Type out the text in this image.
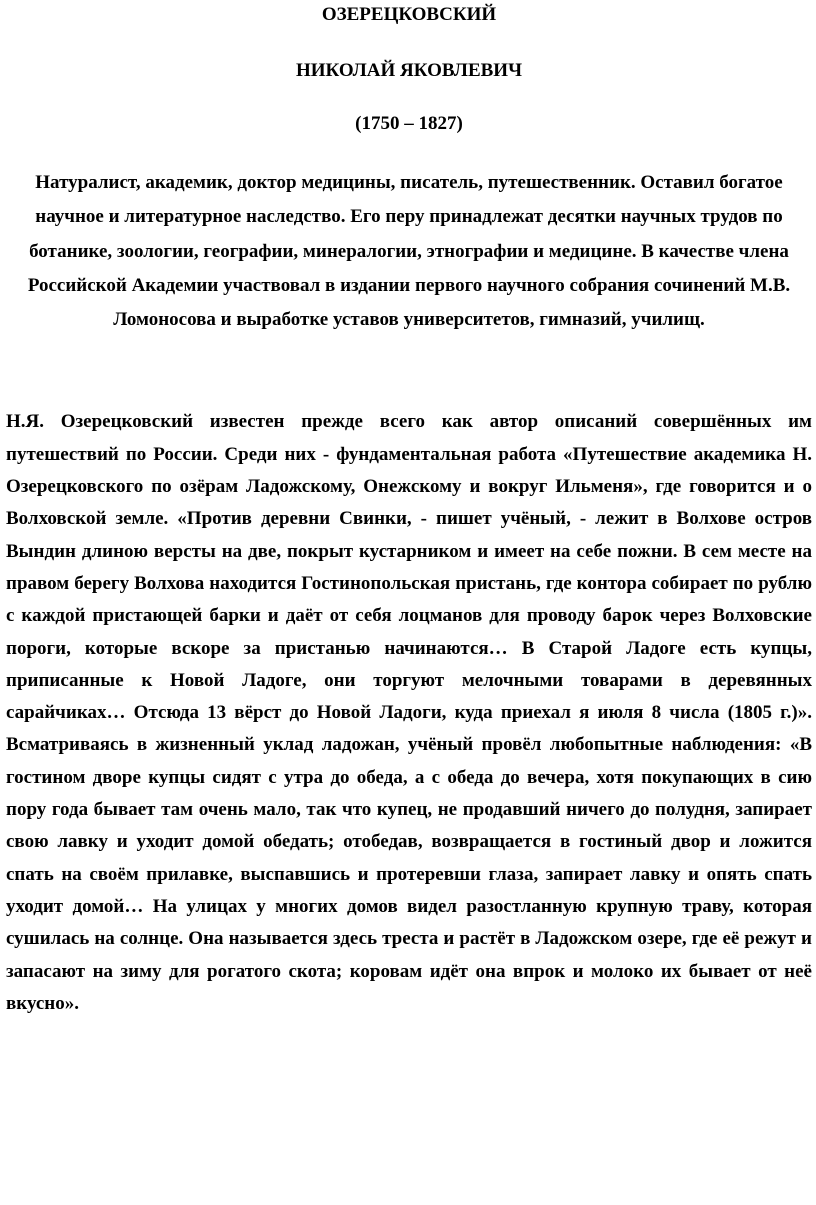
ОЗЕРЕЦКОВСКИЙ

НИКОЛАЙ ЯКОВЛЕВИЧ

(1750 – 1827)

Натуралист, академик, доктор медицины, писатель, путешественник. Оставил богатое научное и литературное наследство. Его перу принадлежат десятки научных трудов по ботанике, зоологии, географии, минералогии, этнографии и медицине. В качестве члена Российской Академии участвовал в издании первого научного собрания сочинений М.В. Ломоносова и выработке уставов университетов, гимназий, училищ.

Н.Я. Озерецковский известен прежде всего как автор описаний совершённых им путешествий по России. Среди них - фундаментальная работа «Путешествие академика Н. Озерецковского по озёрам Ладожскому, Онежскому и вокруг Ильменя», где говорится и о Волховской земле. «Против деревни Свинки, - пишет учёный, - лежит в Волхове остров Вындин длиною версты на две, покрыт кустарником и имеет на себе пожни. В сем месте на правом берегу Волхова находится Гостинопольская пристань, где контора собирает по рублю с каждой пристающей барки и даёт от себя лоцманов для проводу барок через Волховские пороги, которые вскоре за пристанью начинаются… В Старой Ладоге есть купцы, приписанные к Новой Ладоге, они торгуют мелочными товарами в деревянных сарайчиках… Отсюда 13 вёрст до Новой Ладоги, куда приехал я июля 8 числа (1805 г.)». Всматриваясь в жизненный уклад ладожан, учёный провёл любопытные наблюдения: «В гостином дворе купцы сидят с утра до обеда, а с обеда до вечера, хотя покупающих в сию пору года бывает там очень мало, так что купец, не продавший ничего до полудня, запирает свою лавку и уходит домой обедать; отобедав, возвращается в гостиный двор и ложится спать на своём прилавке, выспавшись и протеревши глаза, запирает лавку и опять спать уходит домой… На улицах у многих домов видел разостланную крупную траву, которая сушилась на солнце. Она называется здесь треста и растёт в Ладожском озере, где её режут и запасают на зиму для рогатого скота; коровам идёт она впрок и молоко их бывает от неё вкусно».
